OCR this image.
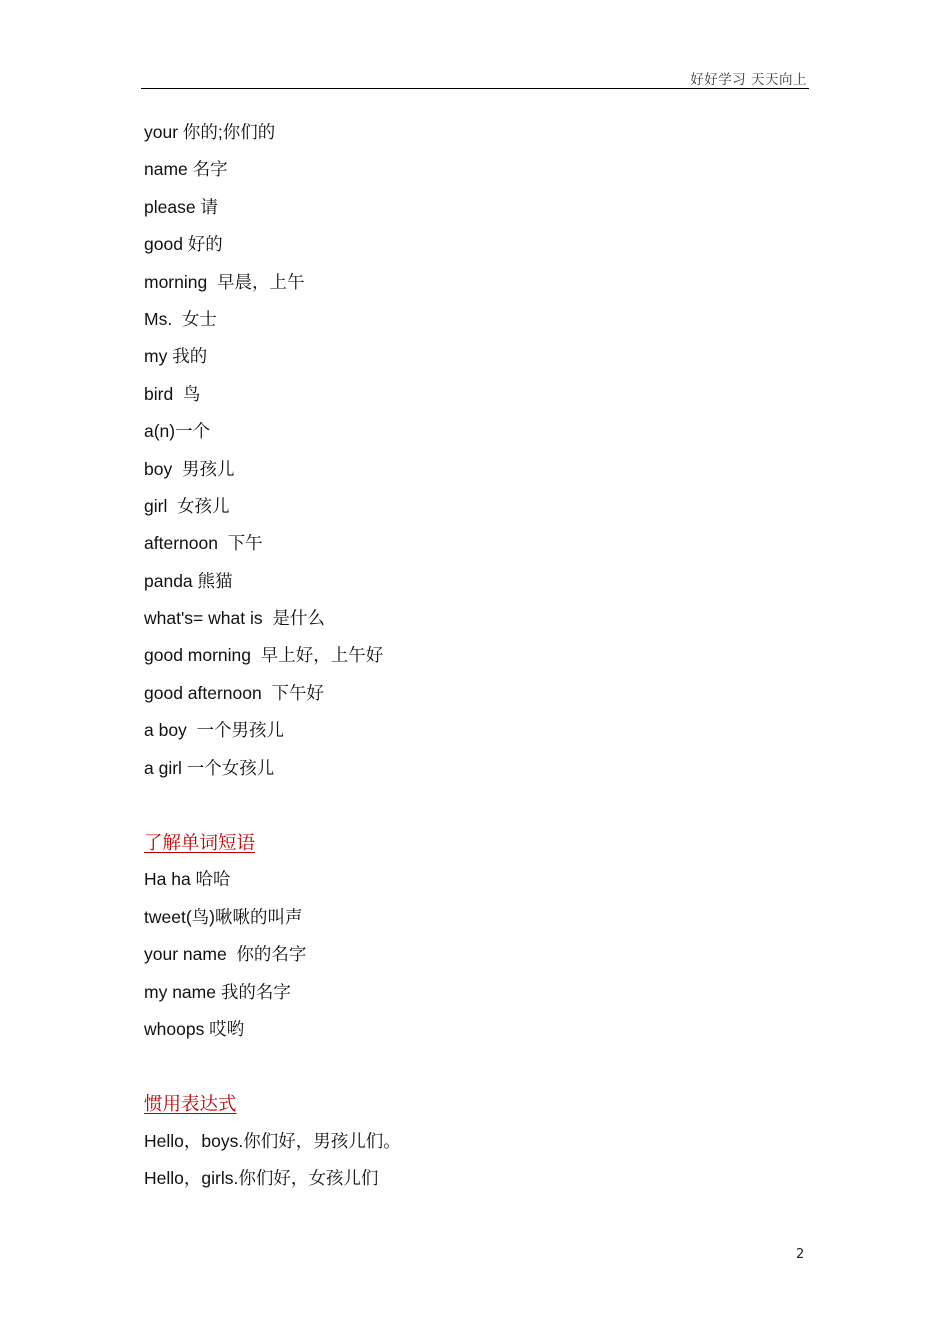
好好学习 天天向上
your 你的;你们的
name 名字
please 请
good 好的
morning  早晨，上午
Ms.  女士
my 我的
bird  鸟
a(n)一个
boy  男孩儿
girl  女孩儿
afternoon  下午
panda 熊猫
what's= what is  是什么
good morning  早上好，上午好
good afternoon  下午好
a boy  一个男孩儿
a girl 一个女孩儿
了解单词短语
Ha ha 哈哈
tweet(鸟)啾啾的叫声
your name  你的名字
my name 我的名字
whoops 哎哟
惯用表达式
Hello，boys.你们好，男孩儿们。
Hello，girls.你们好，女孩儿们
2
